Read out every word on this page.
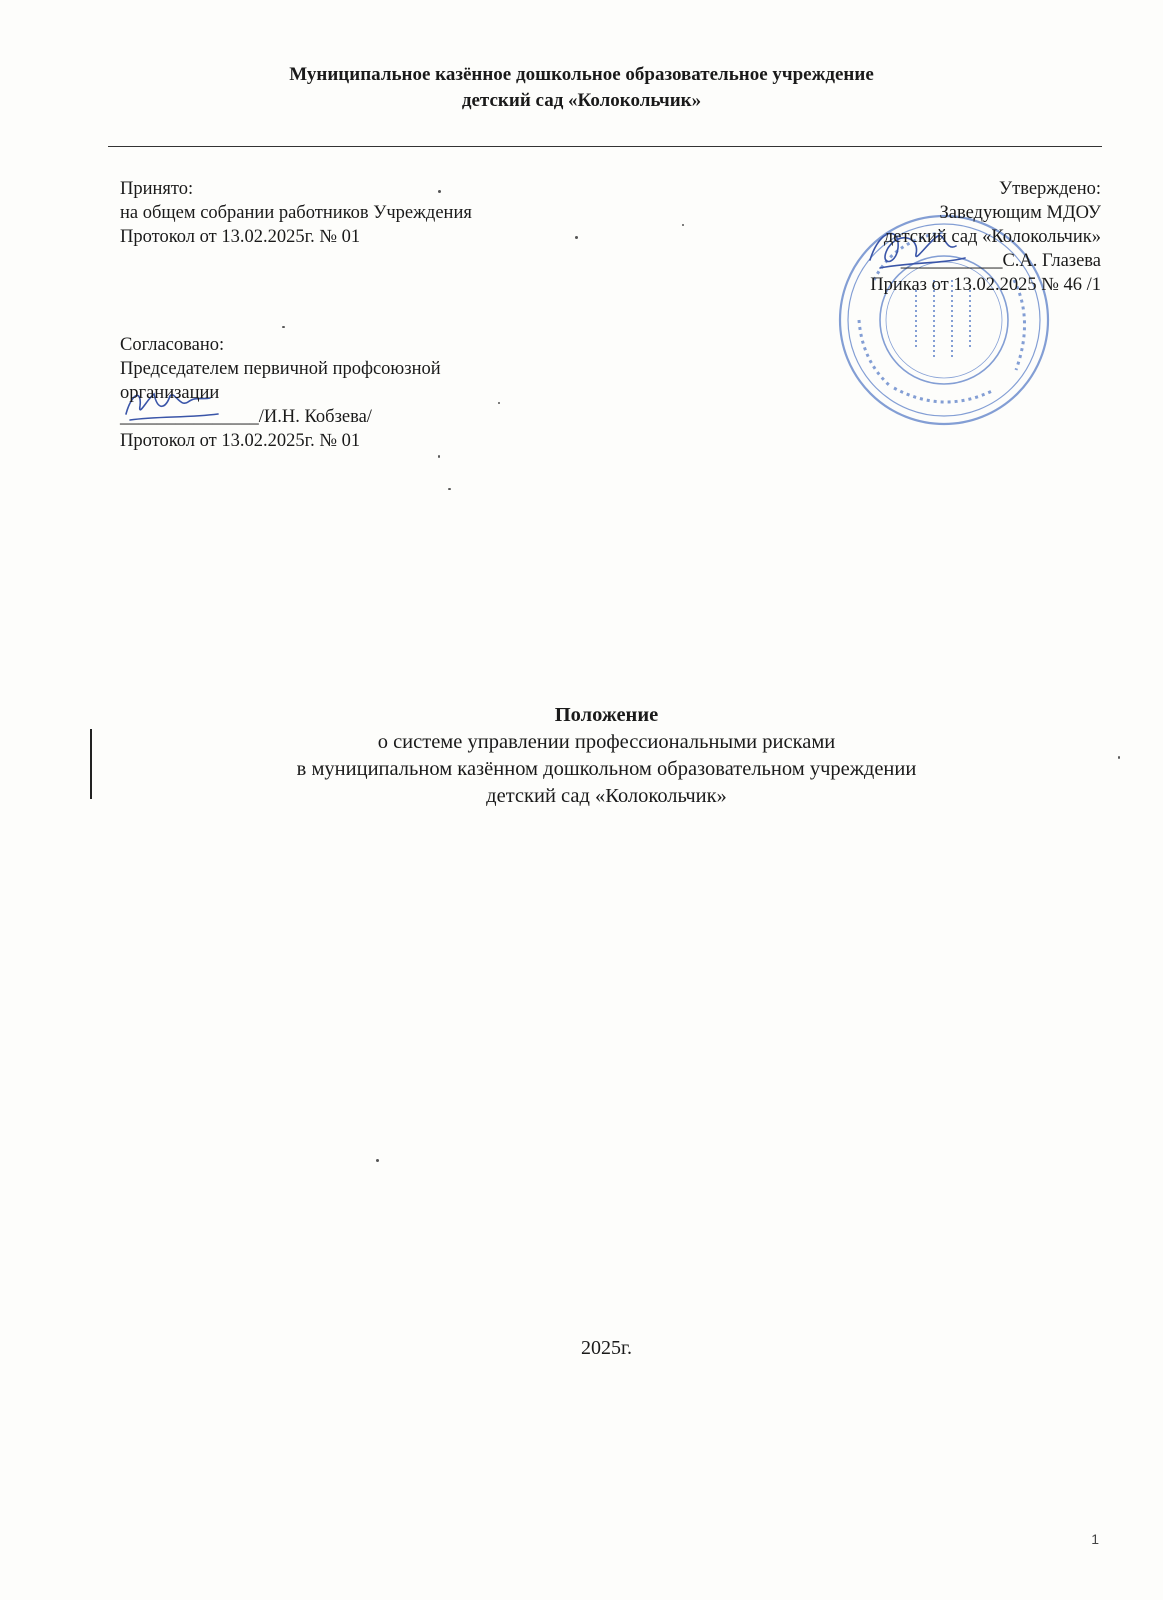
Муниципальное казённое дошкольное образовательное учреждение
детский сад «Колокольчик»
Принято:
на общем собрании работников Учреждения
Протокол от 13.02.2025г. № 01
Утверждено:
Заведующим МДОУ
детский сад «Колокольчик»
___________С.А. Глазева
Приказ от 13.02.2025 № 46 /1
Согласовано:
Председателем первичной профсоюзной
организации
_______________/И.Н. Кобзева/
Протокол от 13.02.2025г. № 01
Положение
о системе управлении профессиональными рисками
в муниципальном казённом дошкольном образовательном учреждении
детский сад «Колокольчик»
2025г.
1
